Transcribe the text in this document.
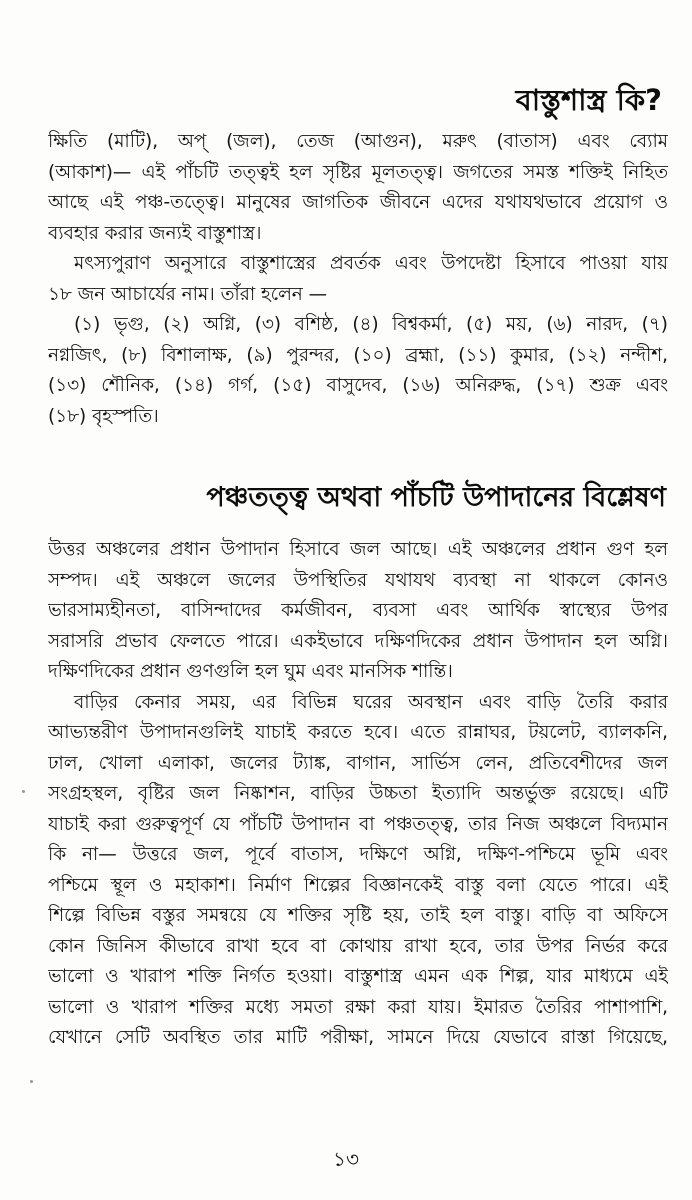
বাস্তুশাস্ত্র কি?
ক্ষিতি (মাটি), অপ্ (জল), তেজ (আগুন), মরুৎ (বাতাস) এবং ব্যোম
(আকাশ)— এই পাঁচটি তত্ত্বই হল সৃষ্টির মূলতত্ত্ব। জগতের সমস্ত শক্তিই নিহিত
আছে এই পঞ্চ-তত্ত্বে। মানুষের জাগতিক জীবনে এদের যথাযথভাবে প্রয়োগ ও
ব্যবহার করার জন্যই বাস্তুশাস্ত্র।
মৎস্যপুরাণ অনুসারে বাস্তুশাস্ত্রের প্রবর্তক এবং উপদেষ্টা হিসাবে পাওয়া যায়
১৮ জন আচার্যের নাম। তাঁরা হলেন —
(১) ভৃগু, (২) অগ্নি, (৩) বশিষ্ঠ, (৪) বিশ্বকর্মা, (৫) ময়, (৬) নারদ, (৭)
নগ্নজিৎ, (৮) বিশালাক্ষ, (৯) পুরন্দর, (১০) ব্রহ্মা, (১১) কুমার, (১২) নন্দীশ,
(১৩) শৌনিক, (১৪) গর্গ, (১৫) বাসুদেব, (১৬) অনিরুদ্ধ, (১৭) শুক্র এবং
(১৮) বৃহস্পতি।
পঞ্চতত্ত্ব অথবা পাঁচটি উপাদানের বিশ্লেষণ
উত্তর অঞ্চলের প্রধান উপাদান হিসাবে জল আছে। এই অঞ্চলের প্রধান গুণ হল
সম্পদ। এই অঞ্চলে জলের উপস্থিতির যথাযথ ব্যবস্থা না থাকলে কোনও
ভারসাম্যহীনতা, বাসিন্দাদের কর্মজীবন, ব্যবসা এবং আর্থিক স্বাস্থ্যের উপর
সরাসরি প্রভাব ফেলতে পারে। একইভাবে দক্ষিণদিকের প্রধান উপাদান হল অগ্নি।
দক্ষিণদিকের প্রধান গুণগুলি হল ঘুম এবং মানসিক শান্তি।
বাড়ির কেনার সময়, এর বিভিন্ন ঘরের অবস্থান এবং বাড়ি তৈরি করার
আভ্যন্তরীণ উপাদানগুলিই যাচাই করতে হবে। এতে রান্নাঘর, টয়লেট, ব্যালকনি,
ঢাল, খোলা এলাকা, জলের ট্যাঙ্ক, বাগান, সার্ভিস লেন, প্রতিবেশীদের জল
সংগ্রহস্থল, বৃষ্টির জল নিষ্কাশন, বাড়ির উচ্চতা ইত্যাদি অন্তর্ভুক্ত রয়েছে। এটি
যাচাই করা গুরুত্বপূর্ণ যে পাঁচটি উপাদান বা পঞ্চতত্ত্ব, তার নিজ অঞ্চলে বিদ্যমান
কি না— উত্তরে জল, পূর্বে বাতাস, দক্ষিণে অগ্নি, দক্ষিণ-পশ্চিমে ভূমি এবং
পশ্চিমে স্থূল ও মহাকাশ। নির্মাণ শিল্পের বিজ্ঞানকেই বাস্তু বলা যেতে পারে। এই
শিল্পে বিভিন্ন বস্তুর সমন্বয়ে যে শক্তির সৃষ্টি হয়, তাই হল বাস্তু। বাড়ি বা অফিসে
কোন জিনিস কীভাবে রাখা হবে বা কোথায় রাখা হবে, তার উপর নির্ভর করে
ভালো ও খারাপ শক্তি নির্গত হওয়া। বাস্তুশাস্ত্র এমন এক শিল্প, যার মাধ্যমে এই
ভালো ও খারাপ শক্তির মধ্যে সমতা রক্ষা করা যায়। ইমারত তৈরির পাশাপাশি,
যেখানে সেটি অবস্থিত তার মাটি পরীক্ষা, সামনে দিয়ে যেভাবে রাস্তা গিয়েছে,

১৩
